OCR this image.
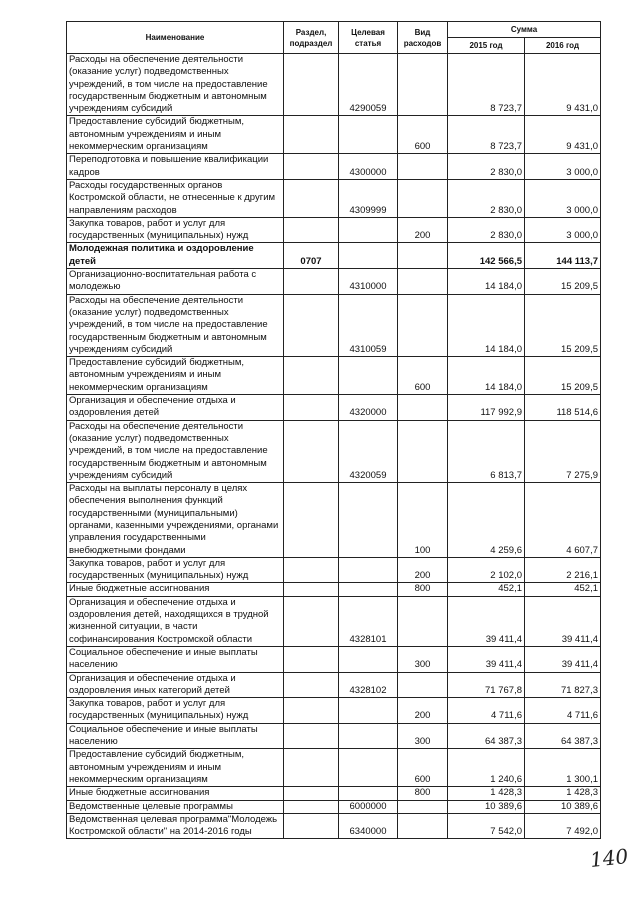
Наименование	Раздел, подраздел	Целевая статья	Вид расходов	Сумма	
				2015 год	2016 год
Расходы на обеспечение деятельности (оказание услуг) подведомственных учреждений, в том числе на предоставление государственным бюджетным и автономным учреждениям субсидий		4290059		8 723,7	9 431,0
Предоставление субсидий бюджетным, автономным учреждениям и иным некоммерческим организациям			600	8 723,7	9 431,0
Переподготовка и повышение квалификации кадров		4300000		2 830,0	3 000,0
Расходы государственных органов Костромской области, не отнесенные к другим направлениям расходов		4309999		2 830,0	3 000,0
Закупка товаров, работ и услуг для государственных (муниципальных) нужд			200	2 830,0	3 000,0
Молодежная политика и оздоровление детей	0707			142 566,5	144 113,7
Организационно-воспитательная работа с молодежью		4310000		14 184,0	15 209,5
Расходы на обеспечение деятельности (оказание услуг) подведомственных учреждений, в том числе на предоставление государственным бюджетным и автономным учреждениям субсидий		4310059		14 184,0	15 209,5
Предоставление субсидий бюджетным, автономным учреждениям и иным некоммерческим организациям			600	14 184,0	15 209,5
Организация и обеспечение отдыха и оздоровления детей		4320000		117 992,9	118 514,6
Расходы на обеспечение деятельности (оказание услуг) подведомственных учреждений, в том числе на предоставление государственным бюджетным и автономным учреждениям субсидий		4320059		6 813,7	7 275,9
Расходы на выплаты персоналу в целях обеспечения выполнения функций государственными (муниципальными) органами, казенными учреждениями, органами управления государственными внебюджетными фондами			100	4 259,6	4 607,7
Закупка товаров, работ и услуг для государственных (муниципальных) нужд			200	2 102,0	2 216,1
Иные бюджетные ассигнования			800	452,1	452,1
Организация и обеспечение отдыха и оздоровления детей, находящихся в трудной жизненной ситуации, в части софинансирования Костромской области		4328101		39 411,4	39 411,4
Социальное обеспечение и иные выплаты населению			300	39 411,4	39 411,4
Организация и обеспечение отдыха и оздоровления иных категорий детей		4328102		71 767,8	71 827,3
Закупка товаров, работ и услуг для государственных (муниципальных) нужд			200	4 711,6	4 711,6
Социальное обеспечение и иные выплаты населению			300	64 387,3	64 387,3
Предоставление субсидий бюджетным, автономным учреждениям и иным некоммерческим организациям			600	1 240,6	1 300,1
Иные бюджетные ассигнования			800	1 428,3	1 428,3
Ведомственные целевые программы		6000000		10 389,6	10 389,6
Ведомственная целевая программа"Молодежь Костромской области" на 2014-2016 годы		6340000		7 542,0	7 492,0
140
